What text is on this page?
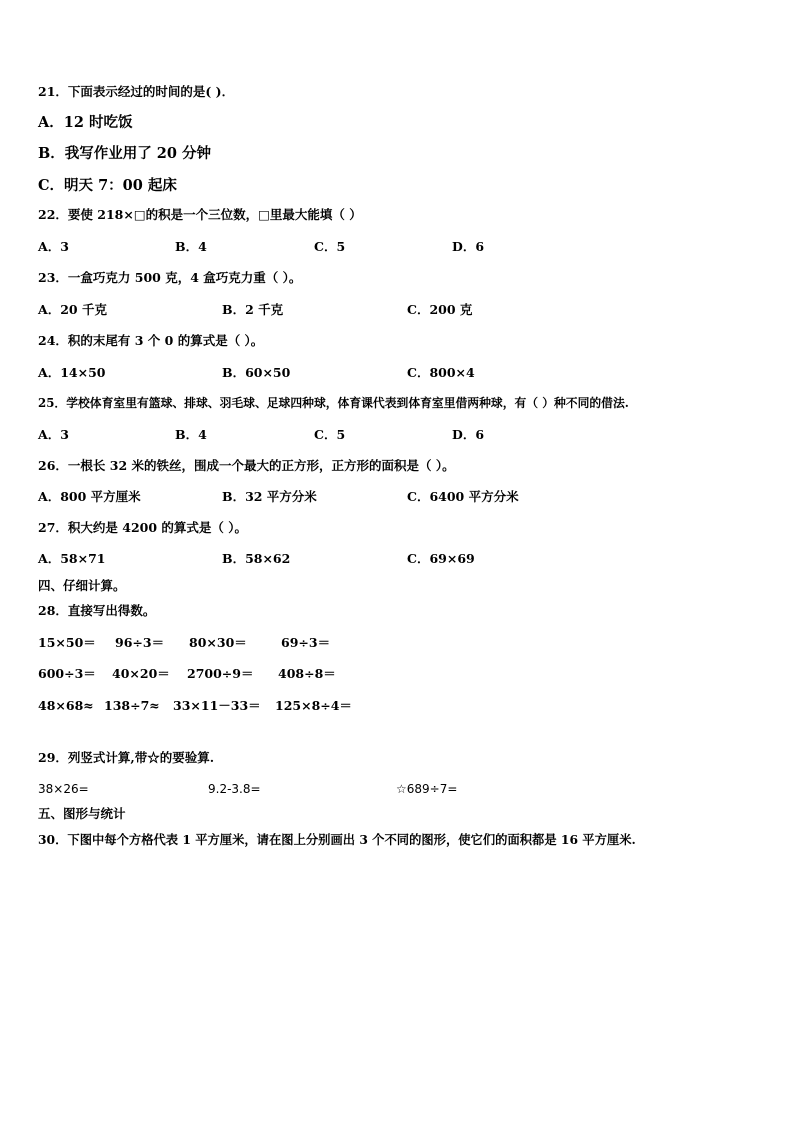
21．下面表示经过的时间的是( )．
A．12 时吃饭
B．我写作业用了 20 分钟
C．明天 7：00 起床
22．要使 218×□的积是一个三位数，□里最大能填（ ）
A．3	B．4	C．5	D．6
23．一盒巧克力 500 克，4 盒巧克力重（ ）。
A．20 千克	B．2 千克	C．200 克
24．积的末尾有 3 个 0 的算式是（ ）。
A．14×50	B．60×50	C．800×4
25．学校体育室里有篮球、排球、羽毛球、足球四种球，体育课代表到体育室里借两种球，有（ ）种不同的借法.
A．3	B．4	C．5	D．6
26．一根长 32 米的铁丝，围成一个最大的正方形，正方形的面积是（ ）。
A．800 平方厘米	B．32 平方分米	C．6400 平方分米
27．积大约是 4200 的算式是（ ）。
A．58×71	B．58×62	C．69×69
四、仔细计算。
28．直接写出得数。
15×50＝ 96÷3＝ 80×30＝	69÷3＝
600÷3＝ 40×20＝ 2700÷9＝ 408÷8＝
48×68≈ 138÷7≈ 33×11－33＝ 125×8÷4＝
29．列竖式计算,带☆的要验算.
38×26=	9.2-3.8=	☆689÷7=
五、图形与统计
30．下图中每个方格代表 1 平方厘米，请在图上分别画出 3 个不同的图形，使它们的面积都是 16 平方厘米.
